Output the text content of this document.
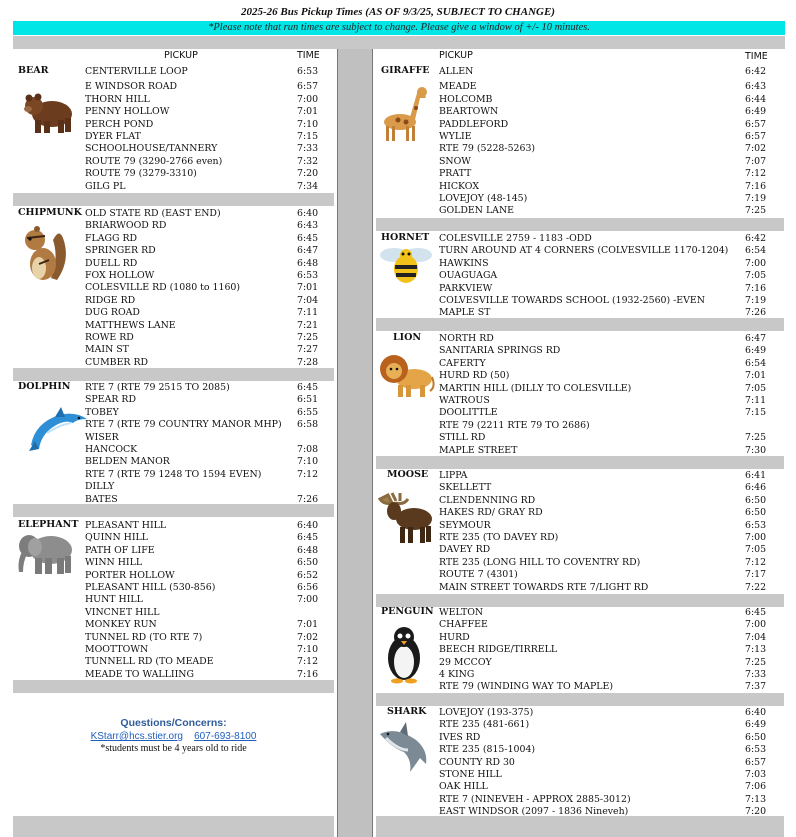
2025-26 Bus Pickup Times (AS OF 9/3/25, SUBJECT TO CHANGE)
*Please note that run times are subject to change. Please give a window of +/- 10 minutes.
PICKUP	TIME	PICKUP	TIME
BEAR	CENTERVILLE LOOP	6:53
E WINDSOR ROAD	6:57
THORN HILL	7:00
PENNY HOLLOW	7:01
PERCH POND	7:10
DYER FLAT	7:15
SCHOOLHOUSE/TANNERY	7:33
ROUTE 79 (3290-2766 even)	7:32
ROUTE 79 (3279-3310)	7:20
GILG PL	7:34
CHIPMUNK OLD STATE RD (EAST END)	6:40
BRIARWOOD RD	6:43
FLAGG RD	6:45
SPRINGER RD	6:47
DUELL RD	6:48
FOX HOLLOW	6:53
COLESVILLE RD (1080 to 1160)	7:01
RIDGE RD	7:04
DUG ROAD	7:11
MATTHEWS LANE	7:21
ROWE RD	7:25
MAIN ST	7:27
CUMBER RD	7:28
DOLPHIN RTE 7 (RTE 79 2515 TO 2085)	6:45
SPEAR RD	6:51
TOBEY	6:55
RTE 7 (RTE 79 COUNTRY MANOR MHP) 6:58
WISER
HANCOCK	7:08
BELDEN MANOR	7:10
RTE 7 (RTE 79 1248 TO 1594 EVEN)	7:12
DILLY
BATES	7:26
ELEPHANT PLEASANT HILL	6:40
QUINN HILL	6:45
PATH OF LIFE	6:48
WINN HILL	6:50
PORTER HOLLOW	6:52
PLEASANT HILL (530-856)	6:56
HUNT HILL	7:00
VINCNET HILL
MONKEY RUN	7:01
TUNNEL RD (TO RTE 7)	7:02
MOOTTOWN	7:10
TUNNELL RD (TO MEADE	7:12
MEADE TO WALLIING	7:16
GIRAFFE ALLEN	6:42
MEADE	6:43
HOLCOMB	6:44
BEARTOWN	6:49
PADDLEFORD	6:57
WYLIE	6:57
RTE 79 (5228-5263)	7:02
SNOW	7:07
PRATT	7:12
HICKOX	7:16
LOVEJOY (48-145)	7:19
GOLDEN LANE	7:25
HORNET COLESVILLE 2759 - 1183 -ODD	6:42
TURN AROUND AT 4 CORNERS (COLVESVILLE 1170-1204) 6:54
HAWKINS	7:00
OUAGUAGA	7:05
PARKVIEW	7:16
COLVESVILLE TOWARDS SCHOOL (1932-2560) -EVEN	7:19
MAPLE ST	7:26
LION NORTH RD	6:47
SANITARIA SPRINGS RD	6:49
CAFERTY	6:54
HURD RD (50)	7:01
MARTIN HILL (DILLY TO COLESVILLE)	7:05
WATROUS	7:11
DOOLITTLE	7:15
RTE 79 (2211 RTE 79 TO 2686)
STILL RD	7:25
MAPLE STREET	7:30
MOOSE LIPPA	6:41
SKELLETT	6:46
CLENDENNING RD	6:50
HAKES RD/ GRAY RD	6:50
SEYMOUR	6:53
RTE 235 (TO DAVEY RD)	7:00
DAVEY RD	7:05
RTE 235 (LONG HILL TO COVENTRY RD)	7:12
ROUTE 7 (4301)	7:17
MAIN STREET TOWARDS RTE 7/LIGHT RD	7:22
PENGUIN WELTON	6:45
CHAFFEE	7:00
HURD	7:04
BEECH RIDGE/TIRRELL	7:13
29 MCCOY	7:25
4 KING	7:33
RTE 79 (WINDING WAY TO MAPLE)	7:37
SHARK LOVEJOY (193-375)	6:40
RTE 235 (481-661)	6:49
IVES RD	6:50
RTE 235 (815-1004)	6:53
COUNTY RD 30	6:57
STONE HILL	7:03
OAK HILL	7:06
RTE 7 (NINEVEH - APPROX 2885-3012)	7:13
EAST WINDSOR (2097 - 1836 Nineveh)	7:20
Questions/Concerns:
KStarr@hcs.stier.org 607-693-8100
*students must be 4 years old to ride
